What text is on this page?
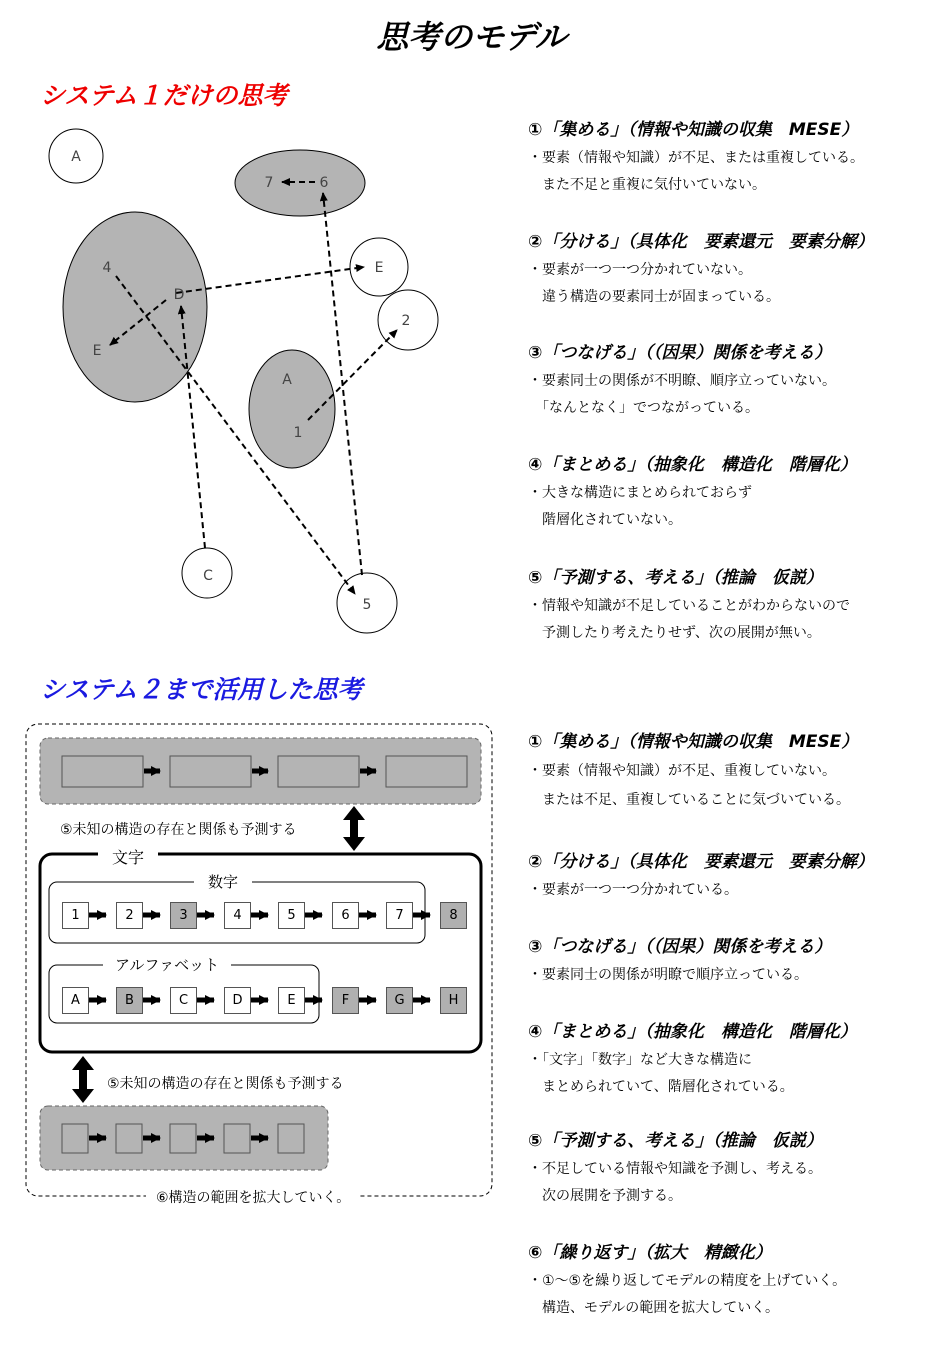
思考のモデル
システム１だけの思考
システム２まで活用した思考
A
7	6
E
2
4
D
E
A
1
C
5
①「集める」（情報や知識の収集　MESE）
・要素（情報や知識）が不足、または重複している。
　また不足と重複に気付いていない。
②「分ける」（具体化　要素還元　要素分解）
・要素が一つ一つ分かれていない。
　違う構造の要素同士が固まっている。
③「つなげる」（（因果）関係を考える）
・要素同士の関係が不明瞭、順序立っていない。
　「なんとなく」でつながっている。
④「まとめる」（抽象化　構造化　階層化）
・大きな構造にまとめられておらず
　階層化されていない。
⑤「予測する、考える」（推論　仮説）
・情報や知識が不足していることがわからないので
　予測したり考えたりせず、次の展開が無い。
文字
数字
アルファベット
⑤未知の構造の存在と関係も予測する
⑤未知の構造の存在と関係も予測する
⑥構造の範囲を拡大していく。
1	2	3	4	5	6	7	8
A	B	C	D	E	F	G	H
①「集める」（情報や知識の収集　MESE）
・要素（情報や知識）が不足、重複していない。
　または不足、重複していることに気づいている。
②「分ける」（具体化　要素還元　要素分解）
・要素が一つ一つ分かれている。
③「つなげる」（（因果）関係を考える）
・要素同士の関係が明瞭で順序立っている。
④「まとめる」（抽象化　構造化　階層化）
・「文字」「数字」など大きな構造に
　まとめられていて、階層化されている。
⑤「予測する、考える」（推論　仮説）
・不足している情報や知識を予測し、考える。
　次の展開を予測する。
⑥「繰り返す」（拡大　精緻化）
・①～⑤を繰り返してモデルの精度を上げていく。
　構造、モデルの範囲を拡大していく。
